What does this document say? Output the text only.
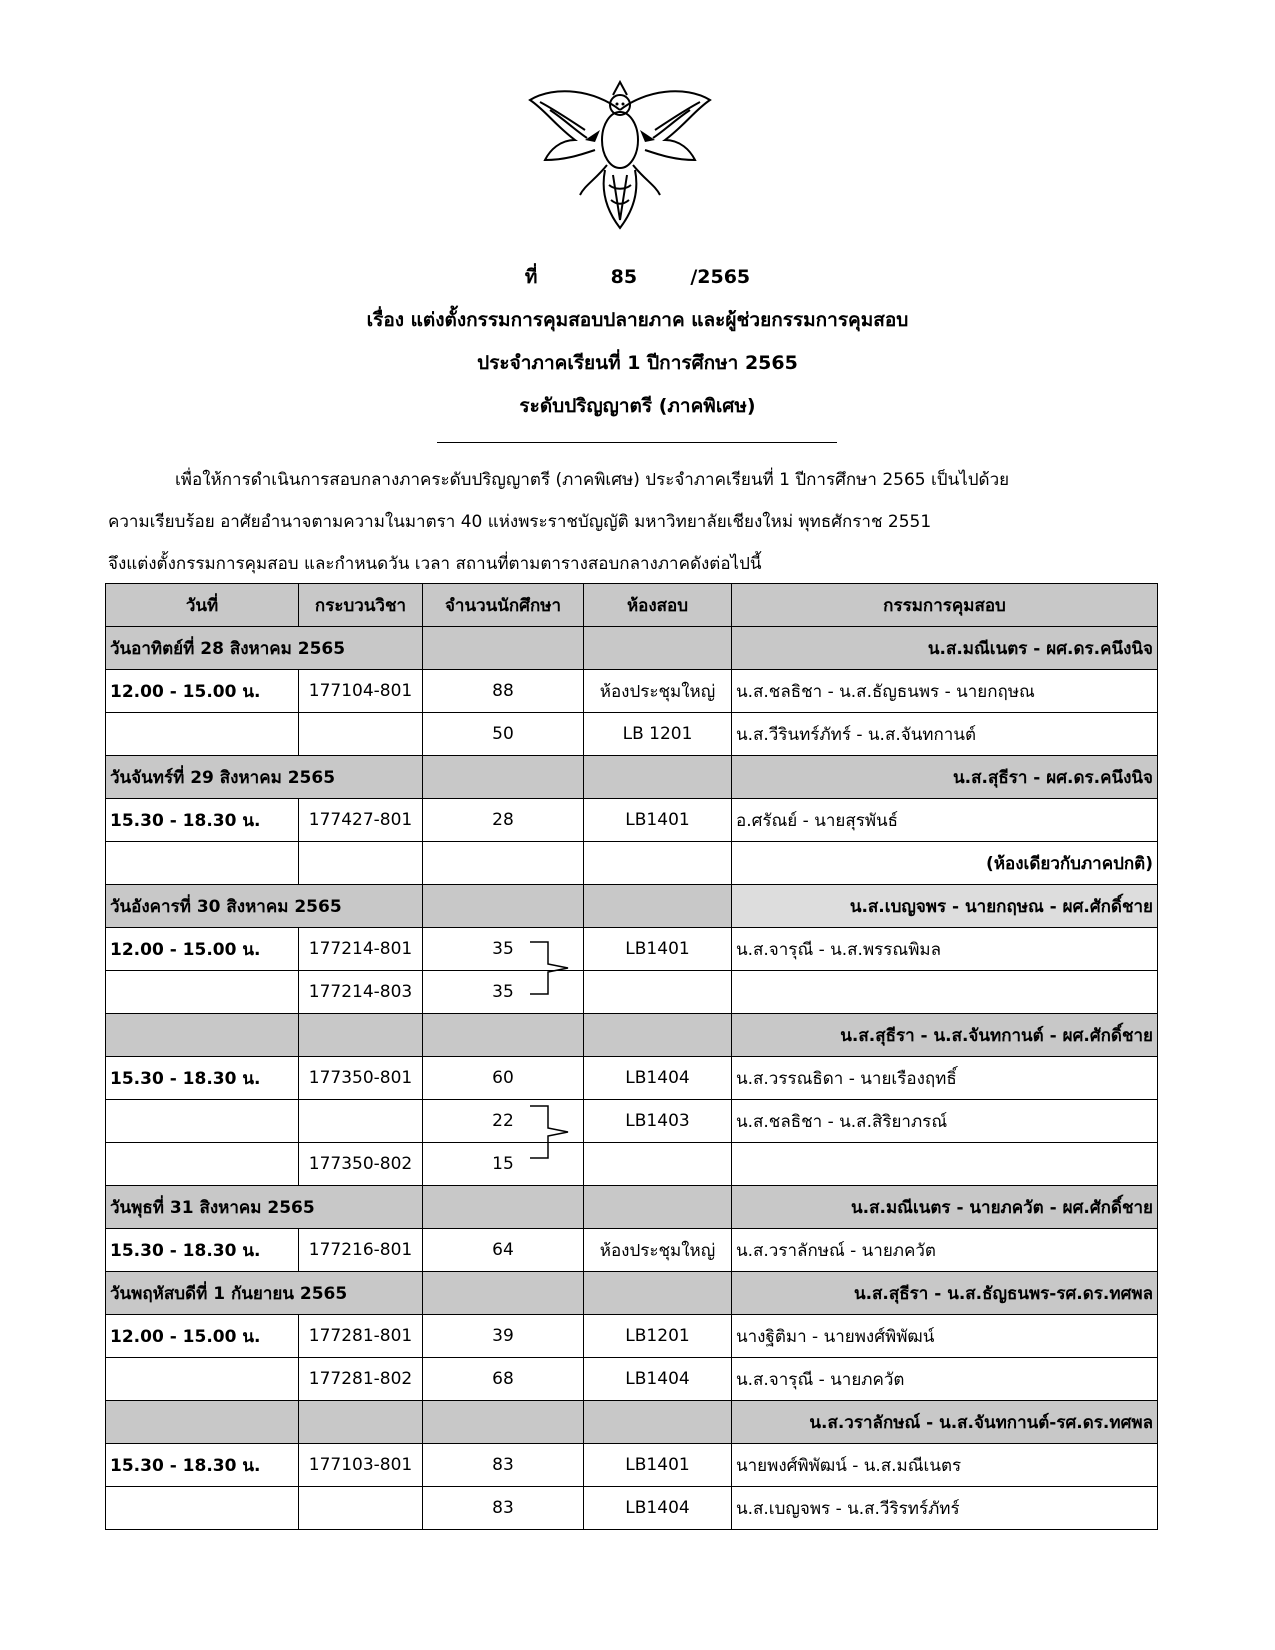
ที่	85	/2565
เรื่อง แต่งตั้งกรรมการคุมสอบปลายภาค และผู้ช่วยกรรมการคุมสอบ
ประจำภาคเรียนที่ 1 ปีการศึกษา 2565
ระดับปริญญาตรี (ภาคพิเศษ)
เพื่อให้การดำเนินการสอบกลางภาคระดับปริญญาตรี (ภาคพิเศษ) ประจำภาคเรียนที่ 1 ปีการศึกษา 2565 เป็นไปด้วย
ความเรียบร้อย อาศัยอำนาจตามความในมาตรา 40 แห่งพระราชบัญญัติ มหาวิทยาลัยเชียงใหม่ พุทธศักราช 2551
จึงแต่งตั้งกรรมการคุมสอบ และกำหนดวัน เวลา สถานที่ตามตารางสอบกลางภาคดังต่อไปนี้
วันที่	กระบวนวิชา	จำนวนนักศึกษา	ห้องสอบ	กรรมการคุมสอบ
วันอาทิตย์ที่ 28 สิงหาคม 2565				น.ส.มณีเนตร - ผศ.ดร.คนึงนิจ
12.00 - 15.00 น.	177104-801	88	ห้องประชุมใหญ่	น.ส.ชลธิชา - น.ส.ธัญธนพร - นายกฤษณ
		50	LB 1201	น.ส.วีรินทร์ภัทร์ - น.ส.จันทกานต์
วันจันทร์ที่ 29 สิงหาคม 2565				น.ส.สุธีรา - ผศ.ดร.คนึงนิจ
15.30 - 18.30 น.	177427-801	28	LB1401	อ.ศรัณย์ - นายสุรพันธ์
				(ห้องเดียวกับภาคปกติ)
วันอังคารที่ 30 สิงหาคม 2565				น.ส.เบญจพร - นายกฤษณ - ผศ.ศักดิ์ชาย
12.00 - 15.00 น.	177214-801	35	LB1401	น.ส.จารุณี - น.ส.พรรณพิมล
	177214-803	35		
				น.ส.สุธีรา - น.ส.จันทกานต์ - ผศ.ศักดิ์ชาย
15.30 - 18.30 น.	177350-801	60	LB1404	น.ส.วรรณธิดา - นายเรืองฤทธิ์
		22	LB1403	น.ส.ชลธิชา - น.ส.สิริยาภรณ์
	177350-802	15		
วันพุธที่ 31 สิงหาคม 2565				น.ส.มณีเนตร - นายภควัต - ผศ.ศักดิ์ชาย
15.30 - 18.30 น.	177216-801	64	ห้องประชุมใหญ่	น.ส.วราลักษณ์ - นายภควัต
วันพฤหัสบดีที่ 1 กันยายน 2565				น.ส.สุธีรา - น.ส.ธัญธนพร-รศ.ดร.ทศพล
12.00 - 15.00 น.	177281-801	39	LB1201	นางฐิติมา - นายพงศ์พิพัฒน์
	177281-802	68	LB1404	น.ส.จารุณี - นายภควัต
				น.ส.วราลักษณ์ - น.ส.จันทกานต์-รศ.ดร.ทศพล
15.30 - 18.30 น.	177103-801	83	LB1401	นายพงศ์พิพัฒน์ - น.ส.มณีเนตร
		83	LB1404	น.ส.เบญจพร - น.ส.วีริรทร์ภัทร์
